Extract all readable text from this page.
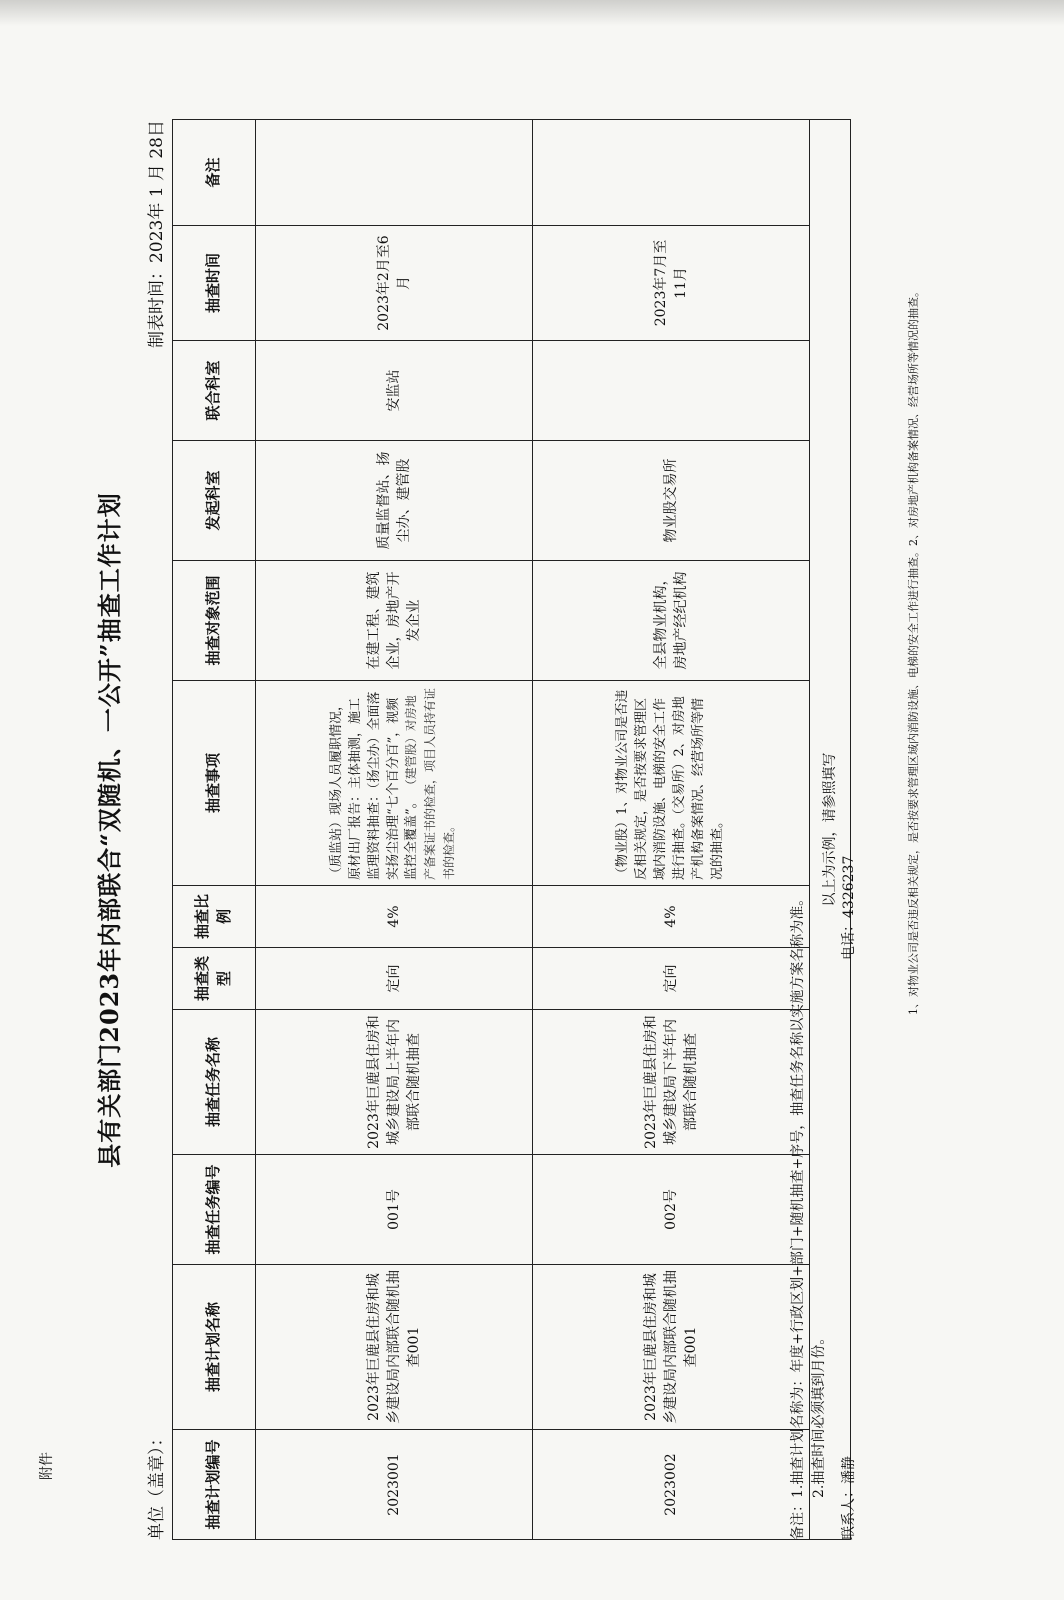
附件
1、对物业公司是否违反相关规定，是否按要求管理区域内消防设施、电梯的安全工作进行抽查。2、对房地产机构备案情况、经营场所等情况的抽查。
县有关部门2023年内部联合“双随机、一公开”抽查工作计划
单位（盖章）：
制表时间：2023年 1 月 28日
抽查计划编号	抽查计划名称	抽查任务编号	抽查任务名称	抽查类型	抽查比例	抽查事项	抽查对象范围	发起科室	联合科室	抽查时间	备注
2023001	2023年巨鹿县住房和城乡建设局内部联合随机抽查001	001号	2023年巨鹿县住房和城乡建设局上半年内部联合随机抽查	定向	4%	（质监站）现场人员履职情况，原材出厂报告：主体抽测，施工监理资料抽查：（扬尘办）全面落实扬尘治理“七个百分百”，视频监控全覆盖”。 （建管股）对房地产备案证书的检查，项目人员持有证书的检查。	在建工程、建筑企业，房地产开发企业	质量监督站、扬尘办、建管股	安监站	2023年2月至6月	
2023002	2023年巨鹿县住房和城乡建设局内部联合随机抽查001	002号	2023年巨鹿县住房和城乡建设局下半年内部联合随机抽查	定向	4%	（物业股）1、对物业公司是否违反相关规定，是否按要求管理区域内消防设施、电梯的安全工作进行抽查。（交易所）2、对房地产机构备案情况、经营场所等情况的抽查。	全县物业机构，房地产经纪机构	物业股交易所		2023年7月至11月	
以上为示例，请参照填写											
备注：1.抽查计划名称为：年度+行政区划+部门+随机抽查+序号，抽查任务名称以实施方案名称为准。 2.抽查时间必须填到月份。 联系人：潘静
电话：4326237
